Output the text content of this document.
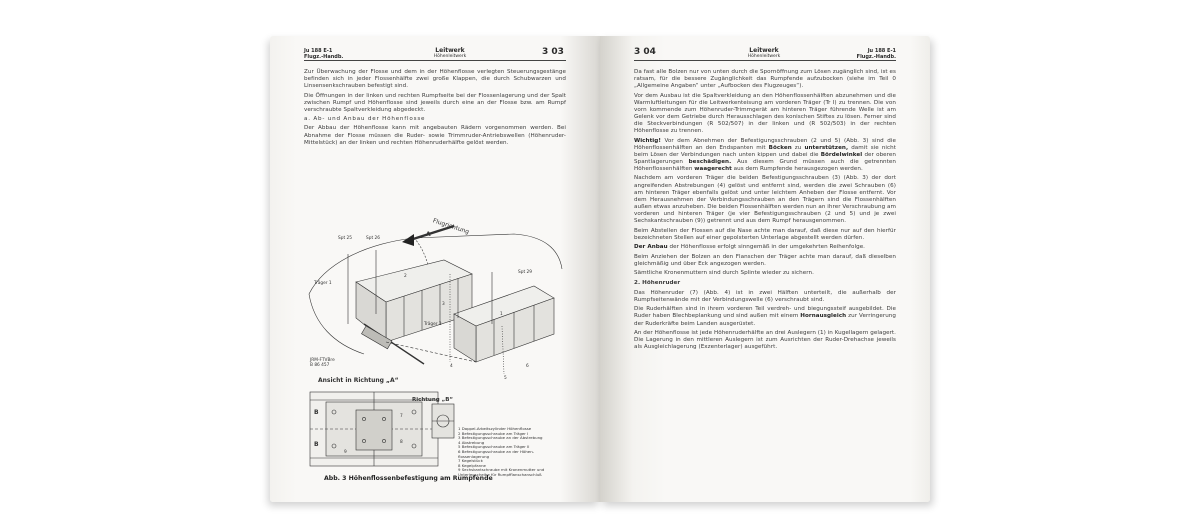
Ju 188 E-1
Flugz.-Handb.
Leitwerk
Höhenleitwerk	3 03

Zur Überwachung der Flosse und dem in der Höhenflosse verlegten Steuerungsgestänge befinden sich in jeder Flossenhälfte zwei große Klappen, die durch Schubwarzen und Linsensenkschrauben befestigt sind.

Die Öffnungen in der linken und rechten Rumpfseite bei der Flossenlagerung und der Spalt zwischen Rumpf und Höhenflosse sind jeweils durch eine an der Flosse bzw. am Rumpf verschraubte Spaltverkleidung abgedeckt.

a. Ab- und Anbau der Höhenflosse

Der Abbau der Höhenflosse kann mit angebauten Rädern vorgenommen werden. Bei Abnahme der Flosse müssen die Ruder- sowie Trimmruder-Antriebswellen (Höhenruder-Mittelstück) an der linken und rechten Höhenruderhälfte gelöst werden.

Flugrichtung
A
Spt 25	Spt 26
Spt 29
Träger 1
Träger 2
JRM-FTVBre
B 86 457
Ansicht in Richtung „A“
Richtung „B“
B
B
1
2
3
4
5
6
7
8
9
1 Doppel-Arbeitszylinder Höhenflosse
2 Befestigungsschraube am Träger I
3 Befestigungsschraube an der Abstrebung
4 Abstrebung
5 Befestigungsschraube am Träger II
6 Befestigungsschraube an der Höhen-
flossenlagerung
7 Kegelstück
8 Kegelpfanne
9 Sechskantschraube mit Kronenmutter und
Unterlegscheibe für Rumpfflanschanschluß
Abb. 3 Höhenflossenbefestigung am Rumpfende
3 04	Leitwerk
Höhenleitwerk
Ju 188 E-1
Flugz.-Handb.

Da fast alle Bolzen nur von unten durch die Spornöffnung zum Lösen zugänglich sind, ist es ratsam, für die bessere Zugänglichkeit das Rumpfende aufzubocken (siehe im Teil 0 „Allgemeine Angaben“ unter „Aufbocken des Flugzeuges“).

Vor dem Ausbau ist die Spaltverkleidung an den Höhenflossenhälften abzunehmen und die Warmluftleitungen für die Leitwerkenteisung am vorderen Träger (Tr I) zu trennen. Die von vorn kommende zum Höhenruder-Trimmgerät am hinteren Träger führende Welle ist am Gelenk vor dem Getriebe durch Herausschlagen des konischen Stiftes zu lösen. Ferner sind die Steckverbindungen (R 502/507) in der linken und (R 502/503) in der rechten Höhenflosse zu trennen.

Wichtig! Vor dem Abnehmen der Befestigungsschrauben (2 und 5) (Abb. 3) sind die Höhenflossenhälften an den Endspanten mit Böcken zu unterstützen, damit sie nicht beim Lösen der Verbindungen nach unten kippen und dabei die Bördelwinkel der oberen Spantlagerungen beschädigen. Aus diesem Grund müssen auch die getrennten Höhenflossenhälften waagerecht aus dem Rumpfende herausgezogen werden.

Nachdem am vorderen Träger die beiden Befestigungsschrauben (3) (Abb. 3) der dort angreifenden Abstrebungen (4) gelöst und entfernt sind, werden die zwei Schrauben (6) am hinteren Träger ebenfalls gelöst und unter leichtem Anheben der Flosse entfernt. Vor dem Herausnehmen der Verbindungsschrauben an den Trägern sind die Flossenhälften außen etwas anzuheben. Die beiden Flossenhälften werden nun an ihrer Verschraubung am vorderen und hinteren Träger (je vier Befestigungsschrauben (2 und 5) und je zwei Sechskantschrauben (9)) getrennt und aus dem Rumpf herausgenommen.

Beim Abstellen der Flossen auf die Nase achte man darauf, daß diese nur auf den hierfür bezeichneten Stellen auf einer gepolsterten Unterlage abgestellt werden dürfen.

Der Anbau der Höhenflosse erfolgt sinngemäß in der umgekehrten Reihenfolge.

Beim Anziehen der Bolzen an den Flanschen der Träger achte man darauf, daß dieselben gleichmäßig und über Eck angezogen werden.

Sämtliche Kronenmuttern sind durch Splinte wieder zu sichern.

2. Höhenruder

Das Höhenruder (7) (Abb. 4) ist in zwei Hälften unterteilt, die außerhalb der Rumpfseitenwände mit der Verbindungswelle (6) verschraubt sind.

Die Ruderhälften sind in ihrem vorderen Teil verdreh- und biegungssteif ausgebildet. Die Ruder haben Blechbeplankung und sind außen mit einem Hornausgleich zur Verringerung der Ruderkräfte beim Landen ausgerüstet.

An der Höhenflosse ist jede Höhenruderhälfte an drei Auslegern (1) in Kugellagern gelagert. Die Lagerung in den mittleren Auslegern ist zum Ausrichten der Ruder-Drehachse jeweils als Ausgleichlagerung (Exzenterlager) ausgeführt.
